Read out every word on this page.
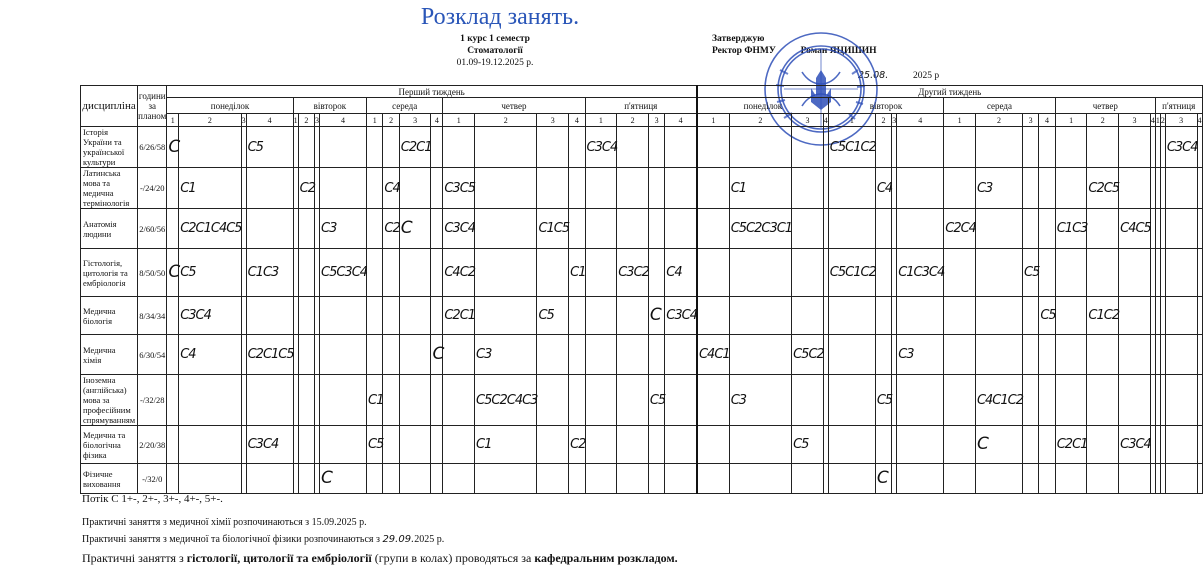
Розклад занять.
1 курс 1 семестр
Стоматології
01.09-19.12.2025 р.
Затверджую
Ректор ФНМУ	Роман ЯЦИШИН
25.08.	2025 р
дисципліна	години за планом	Перший тиждень																				Другий тиждень																			
		понеділок				вівторок				середа				четвер				п'ятниця				понеділок				вівторок				середа				четвер				п'ятниця			
		1	2	3	4	1	2	3	4	1	2	3	4	1	2	3	4	1	2	3	4	1	2	3	4	1	2	3	4	1	2	3	4	1	2	3	4	1	2	3	4
Історія України та української культури	6/26/58	C			C5							C2C1						C3C4								C5C1C2														C3C4	

Латинська мова та медична термінологія	-/24/20		C1				C2				C4			C3C5									C1				C4				C3				C2C5						

Анатомія людини	2/60/56		C2C1C4C5						C3		C2	C		C3C4		C1C5							C5C2C3C1							C2C4				C1C3		C4C5					

Гістологія, цитологія та ембріологія	8/50/50	C	C5		C1C3				C5C3C4					C4C2			C1		C3C2		C4					C5C1C2			C1C3C4			C5									

Медична біологія	8/34/34		C3C4											C2C1		C5				C	C3C4												C5		C1C2						

Медична хімія	6/30/54		C4		C2C1C5								C		C3							C4C1		C5C2					C3												

Іноземна (англійська) мова за професійним спрямуванням	-/32/28									C1					C5C2C4C3					C5			C3				C5				C4C1C2										

Медична та біологічна фізика	2/20/38				C3C4					C5					C1		C2							C5							C			C2C1		C3C4					

Фізичне виховання	-/32/0								C																		C														

Потік С 1+-, 2+-, 3+-, 4+-, 5+-.
Практичні заняття з медичної хімії розпочинаються з 15.09.2025 р.
Практичні заняття з медичної та біологічної фізики розпочинаються з 29.09.2025 р.
Практичні заняття з гістології, цитології та ембріології (групи в колах) проводяться за кафедральним розкладом.
